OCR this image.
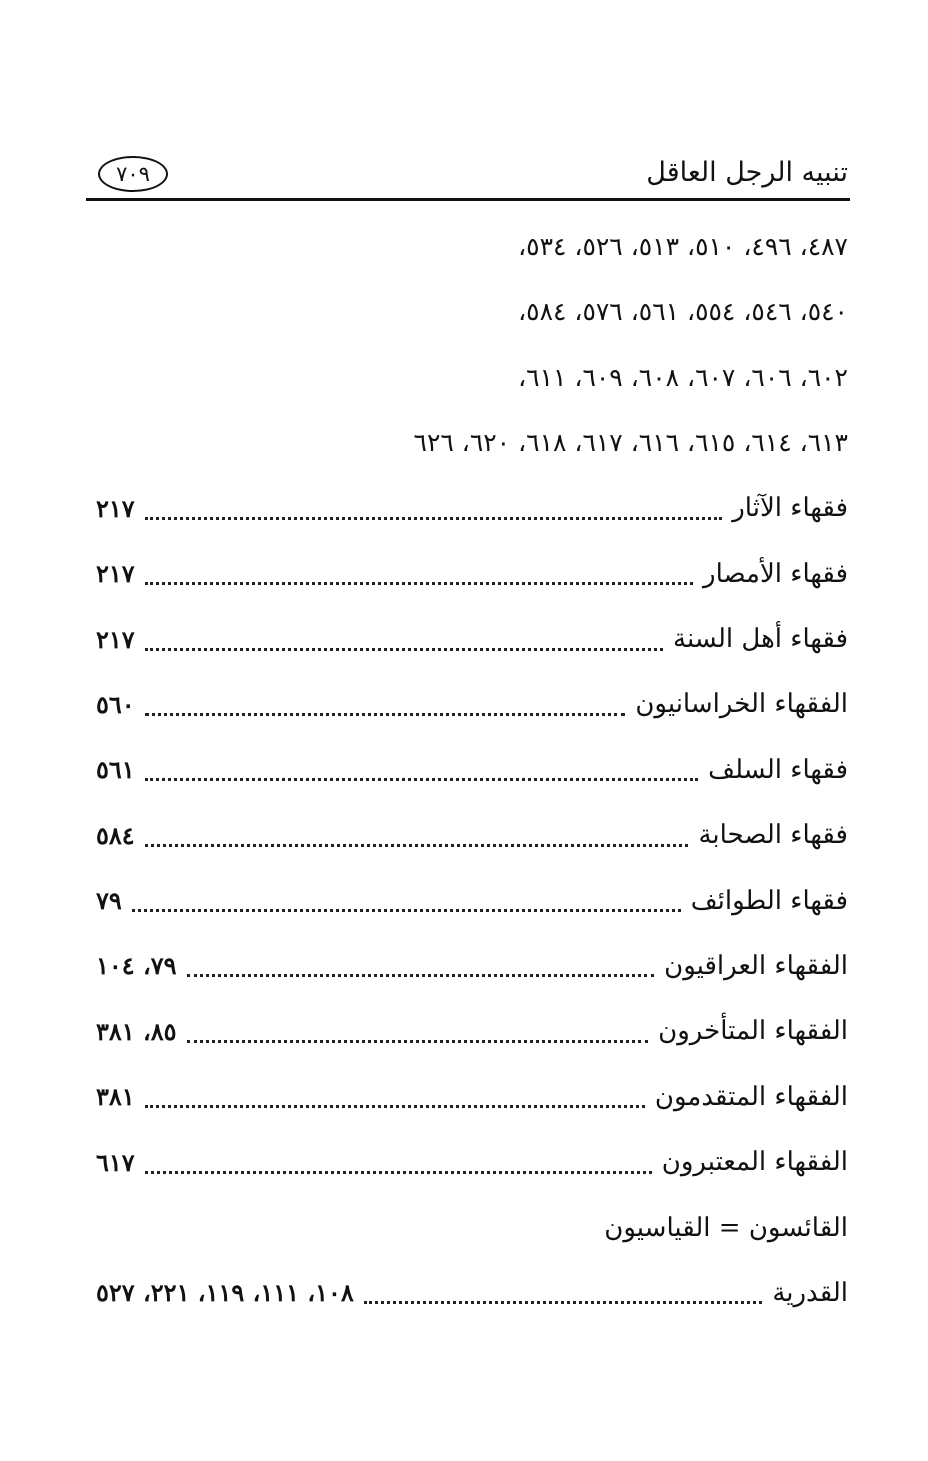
تنبيه الرجل العاقل
٧٠٩
٤٨٧، ٤٩٦، ٥١٠، ٥١٣، ٥٢٦، ٥٣٤،
٥٤٠، ٥٤٦، ٥٥٤، ٥٦١، ٥٧٦، ٥٨٤،
٦٠٢، ٦٠٦، ٦٠٧، ٦٠٨، ٦٠٩، ٦١١،
٦١٣، ٦١٤، ٦١٥، ٦١٦، ٦١٧، ٦١٨، ٦٢٠، ٦٢٦
فقهاء الآثار
٢١٧
فقهاء الأمصار
٢١٧
فقهاء أهل السنة
٢١٧
الفقهاء الخراسانيون
٥٦٠
فقهاء السلف
٥٦١
فقهاء الصحابة
٥٨٤
فقهاء الطوائف
٧٩
الفقهاء العراقيون
٧٩، ١٠٤
الفقهاء المتأخرون
٨٥، ٣٨١
الفقهاء المتقدمون
٣٨١
الفقهاء المعتبرون
٦١٧
القائسون = القياسيون
القدرية
١٠٨، ١١١، ١١٩، ٢٢١، ٥٢٧
